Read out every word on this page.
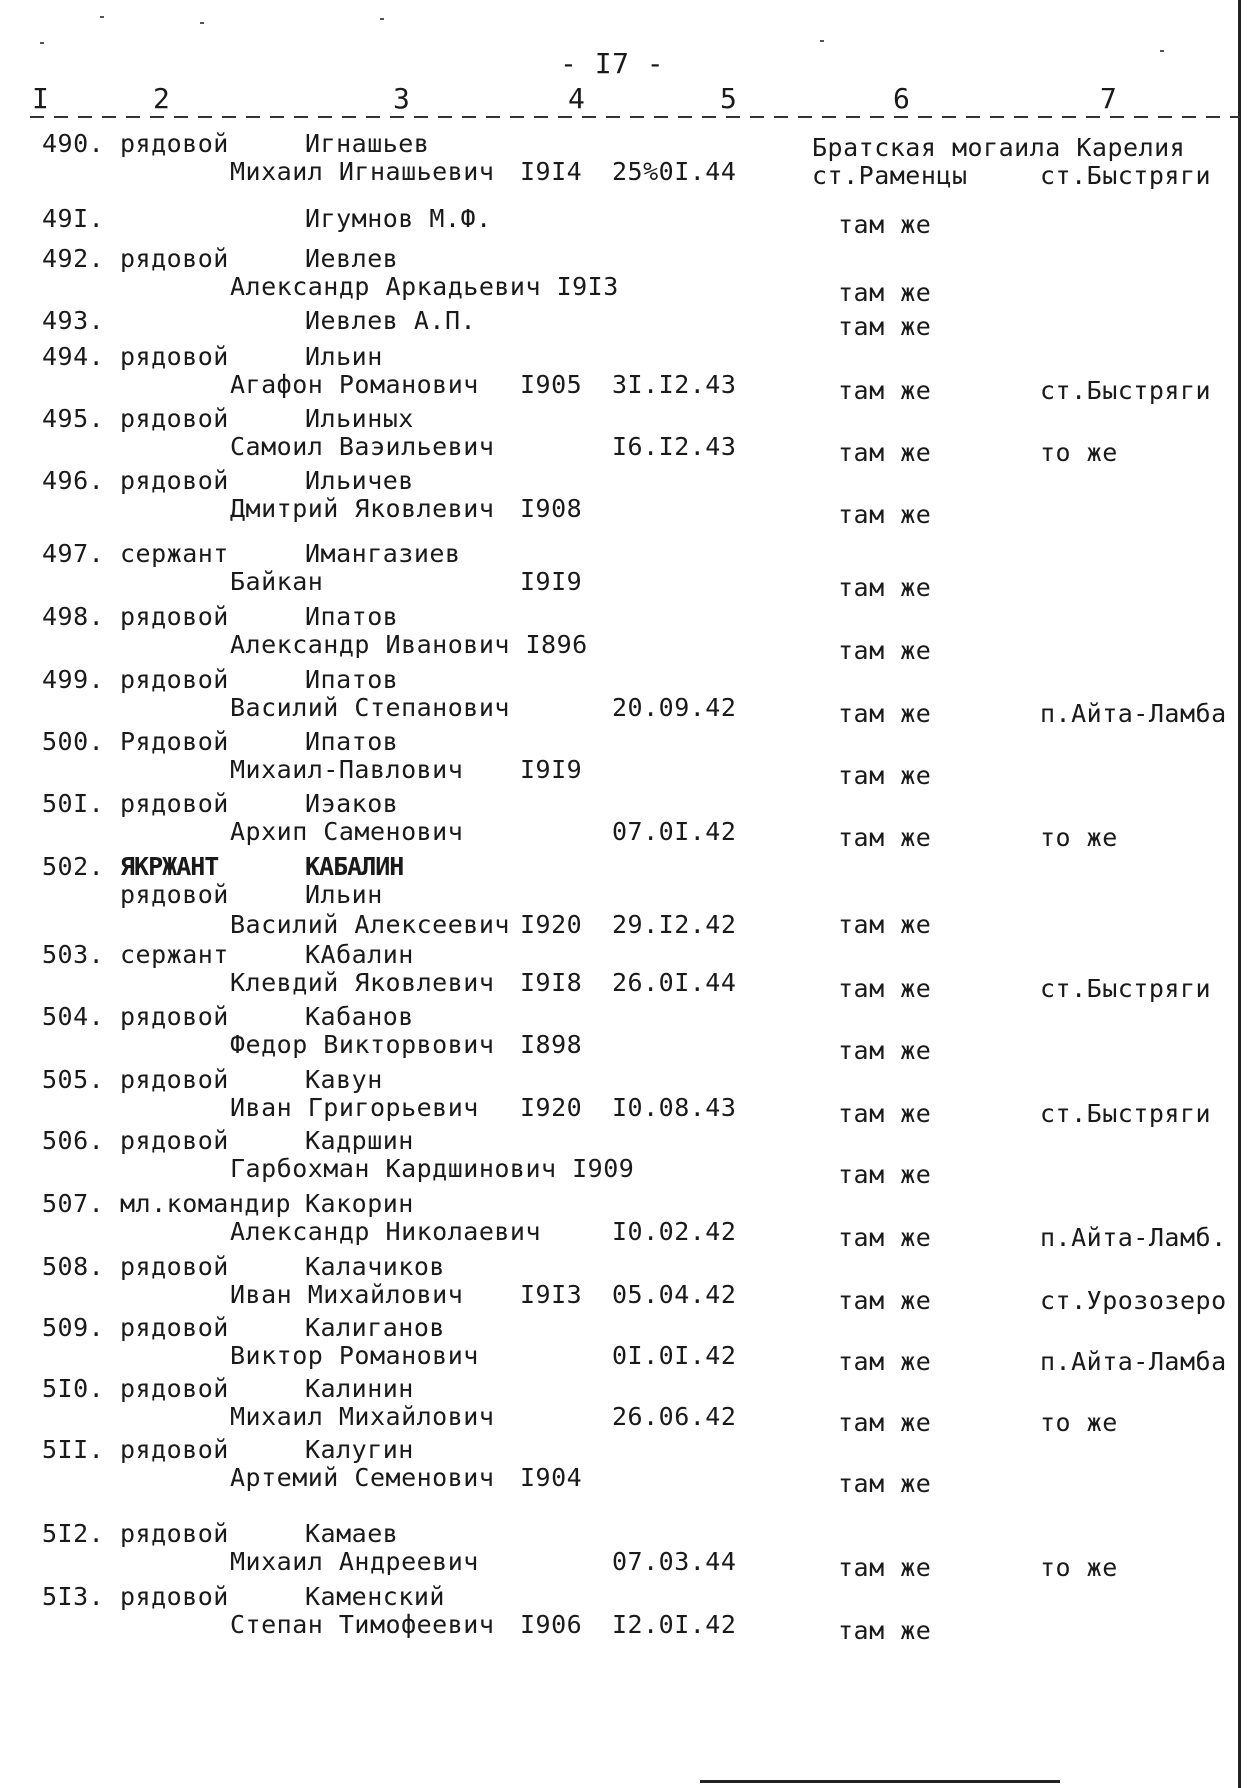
- I7 -
I	2	3	4	5	6	7
490. рядовой	Игнашьев	Братская могаила Карелия
Михаил Игнашьевич I9I4 25%0I.44	ст.Раменцы	ст.Быстряги
49I.	Игумнов М.Ф.	там же
492. рядовой	Иевлев
Александр Аркадьевич I9I3	там же
493.	Иевлев А.П.	там же
494. рядовой	Ильин
Агафон Романович I905 3I.I2.43	там же	ст.Быстряги
495. рядовой	Ильиных
Самоил Ваэильевич	I6.I2.43	там же	то же
496. рядовой	Ильичев
Дмитрий Яковлевич I908	там же
497. сержант	Имангазиев
Байкан	I9I9	там же
498. рядовой	Ипатов
Александр Иванович I896	там же
499. рядовой	Ипатов
Василий Степанович	20.09.42	там же	п.Айта-Ламба
500. Рядовой	Ипатов
Михаил-Павлович I9I9	там же
50I. рядовой	Иэаков
Архип Саменович	07.0I.42	там же	то же
502. ЯКРЖАНТ	КАБАЛИН
рядовой	Ильин
Василий Алексеевич I920 29.I2.42	там же
503. сержант	КАбалин
Клевдий Яковлевич I9I8 26.0I.44	там же	ст.Быстряги
504. рядовой	Кабанов
Федор Викторвович I898	там же
505. рядовой	Кавун
Иван Григорьевич I920 I0.08.43	там же	ст.Быстряги
506. рядовой	Кадршин
Гарбохман Кардшинович I909	там же
507. мл.командир Какорин
Александр Николаевич	I0.02.42	там же	п.Айта-Ламб.
508. рядовой	Калачиков
Иван Михайлович I9I3 05.04.42	там же	ст.Урозозеро
509. рядовой	Калиганов
Виктор Романович	0I.0I.42	там же	п.Айта-Ламба
5I0. рядовой	Калинин
Михаил Михайлович	26.06.42	там же	то же
5II. рядовой	Калугин
Артемий Семенович I904	там же
5I2. рядовой	Камаев
Михаил Андреевич	07.03.44	там же	то же
5I3. рядовой	Каменский
Степан Тимофеевич I906 I2.0I.42	там же
